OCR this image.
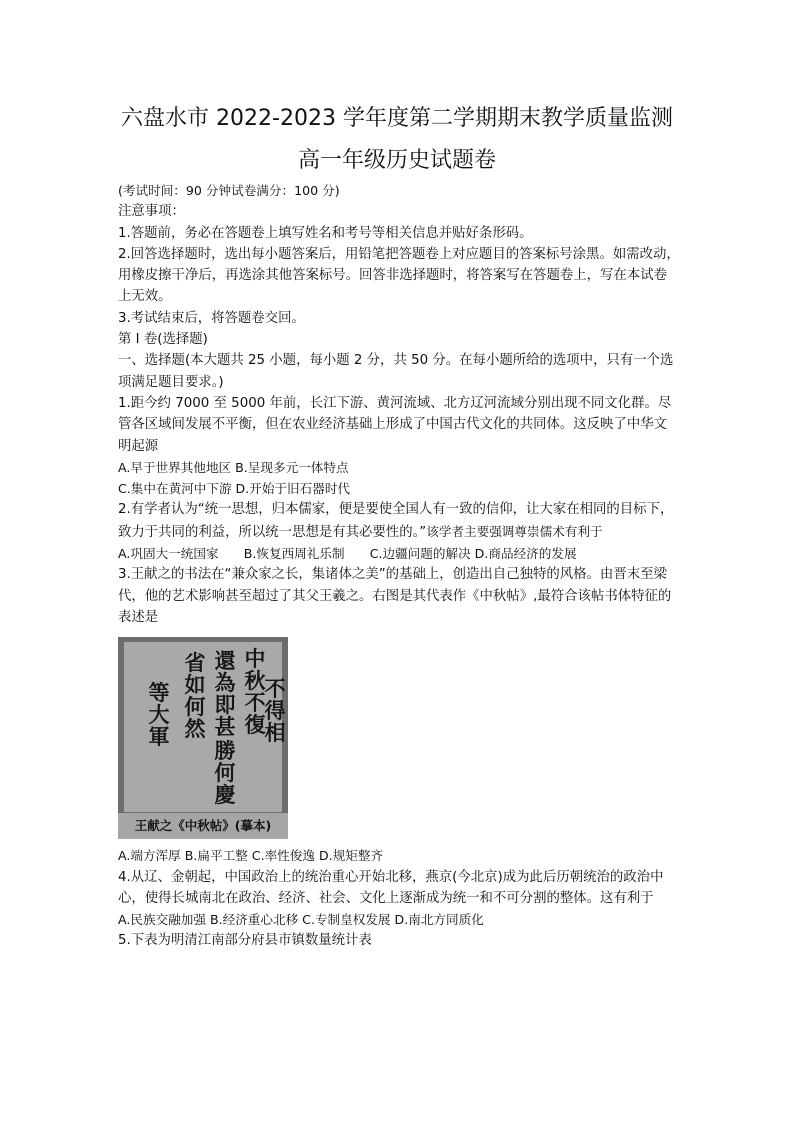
六盘水市 2022-2023 学年度第二学期期末教学质量监测
高一年级历史试题卷

(考试时间：90 分钟试卷满分：100 分)

注意事项：

1.答题前，务必在答题卷上填写姓名和考号等相关信息并贴好条形码。

2.回答选择题时，选出每小题答案后，用铅笔把答题卷上对应题目的答案标号涂黑。如需改动，用橡皮擦干净后，再选涂其他答案标号。回答非选择题时，将答案写在答题卷上，写在本试卷上无效。

3.考试结束后，将答题卷交回。

第 I 卷(选择题)

一、选择题(本大题共 25 小题，每小题 2 分，共 50 分。在每小题所给的选项中，只有一个选项满足题目要求。)

1.距今约 7000 至 5000 年前，长江下游、黄河流域、北方辽河流域分别出现不同文化群。尽管各区域间发展不平衡，但在农业经济基础上形成了中国古代文化的共同体。这反映了中华文明起源

A.早于世界其他地区 B.呈现多元一体特点

C.集中在黄河中下游 D.开始于旧石器时代

2.有学者认为“统一思想，归本儒家，便是要使全国人有一致的信仰，让大家在相同的目标下，致力于共同的利益，所以统一思想是有其必要性的。”该学者主要强调尊崇儒术有利于

A.巩固大一统国家　　B.恢复西周礼乐制　　C.边疆问题的解决 D.商品经济的发展

3.王献之的书法在“兼众家之长，集诸体之美”的基础上，创造出自己独特的风格。由晋末至梁代，他的艺术影响甚至超过了其父王羲之。右图是其代表作《中秋帖》,最符合该帖书体特征的表述是

中秋不復
不得相
還為即甚
省如何然
勝何慶
等大軍
王献之《中秋帖》(摹本)

A.端方浑厚 B.扁平工整 C.率性俊逸 D.规矩整齐

4.从辽、金朝起，中国政治上的统治重心开始北移，燕京(今北京)成为此后历朝统治的政治中心，使得长城南北在政治、经济、社会、文化上逐渐成为统一和不可分割的整体。这有利于

A.民族交融加强 B.经济重心北移 C.专制皇权发展 D.南北方同质化

5.下表为明清江南部分府县市镇数量统计表
